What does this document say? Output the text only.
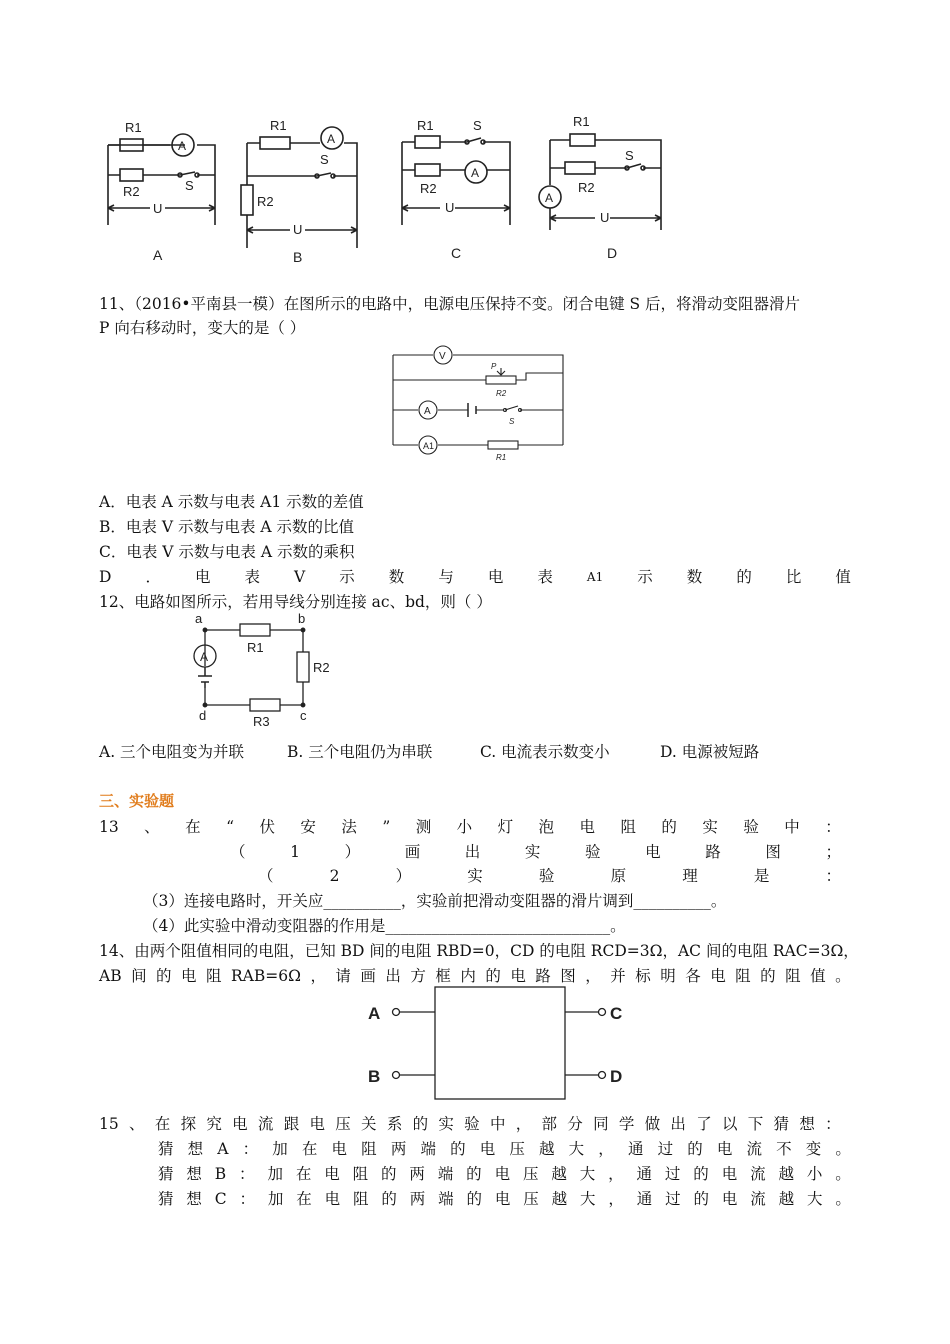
R1
A
R2	S
U
A
R1
A
S
R2
U
B
R1	S
A
R2
U
C
R1
S
A
R2
U
D
11、（2016•平南县一模）在图所示的电路中，电源电压保持不变。闭合电键 S 后，将滑动变阻器滑片
P 向右移动时，变大的是（ ）
V
P
R2
A
S
A1
R1
A．电表 A 示数与电表 A1 示数的差值
B．电表 V 示数与电表 A 示数的比值
C．电表 V 示数与电表 A 示数的乘积
D ． 电 表 V 示 数 与 电 表	A1 示 数 的 比 值
12、电路如图所示，若用导线分别连接 ac、bd，则（ ）
a	b
c
d
A
R1
R2
R3
A. 三个电阻变为并联	B. 三个电阻仍为串联	C. 电流表示数变小	D. 电源被短路
三、实验题
13 、 在 “ 伏 安 法 ” 测 小 灯 泡 电 阻 的 实 验 中 ：
（	1	）	画	出	实	验	电	路	图	；
（	2	）	实	验	原	理	是	：
（3）连接电路时，开关应__________，实验前把滑动变阻器的滑片调到__________。
（4）此实验中滑动变阻器的作用是_____________________________。
14、由两个阻值相同的电阻，已知 BD 间的电阻 RBD=0，CD 的电阻 RCD=3Ω，AC 间的电阻 RAC=3Ω，
AB 间 的 电 阻 RAB=6Ω ， 请 画 出 方 框 内 的 电 路 图 ， 并 标 明 各 电 阻 的 阻 值 。
A
B
C
D
15 、 在 探 究 电 流 跟 电 压 关 系 的 实 验 中 ， 部 分 同 学 做 出 了 以 下 猜 想 ：
猜 想 A ： 加 在 电 阻 两 端 的 电 压 越 大 ， 通 过 的 电 流 不 变 。
猜 想 B ： 加 在 电 阻 的 两 端 的 电 压 越 大 ， 通 过 的 电 流 越 小 。
猜 想 C ： 加 在 电 阻 的 两 端 的 电 压 越 大 ， 通 过 的 电 流 越 大 。
